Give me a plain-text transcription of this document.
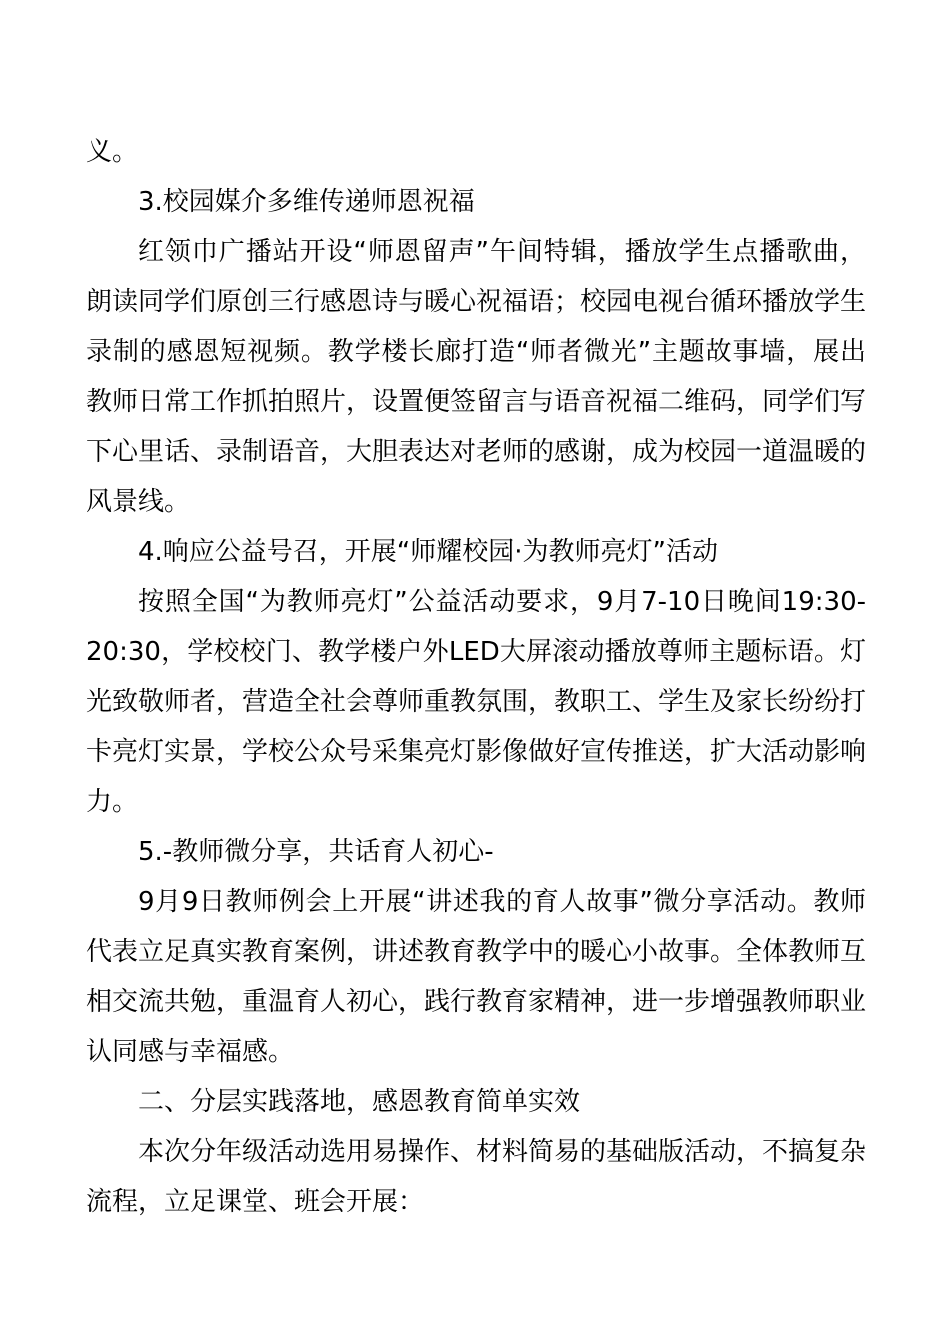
义。

3.校园媒介多维传递师恩祝福

红领巾广播站开设“师恩留声”午间特辑，播放学生点播歌曲，朗读同学们原创三行感恩诗与暖心祝福语；校园电视台循环播放学生录制的感恩短视频。教学楼长廊打造“师者微光”主题故事墙，展出教师日常工作抓拍照片，设置便签留言与语音祝福二维码，同学们写下心里话、录制语音，大胆表达对老师的感谢，成为校园一道温暖的风景线。

4.响应公益号召，开展“师耀校园·为教师亮灯”活动

按照全国“为教师亮灯”公益活动要求，9月7-10日晚间19:30-20:30，学校校门、教学楼户外LED大屏滚动播放尊师主题标语。灯光致敬师者，营造全社会尊师重教氛围，教职工、学生及家长纷纷打卡亮灯实景，学校公众号采集亮灯影像做好宣传推送，扩大活动影响力。

5.-教师微分享，共话育人初心-

9月9日教师例会上开展“讲述我的育人故事”微分享活动。教师代表立足真实教育案例，讲述教育教学中的暖心小故事。全体教师互相交流共勉，重温育人初心，践行教育家精神，进一步增强教师职业认同感与幸福感。

二、分层实践落地，感恩教育简单实效

本次分年级活动选用易操作、材料简易的基础版活动，不搞复杂流程，立足课堂、班会开展：
